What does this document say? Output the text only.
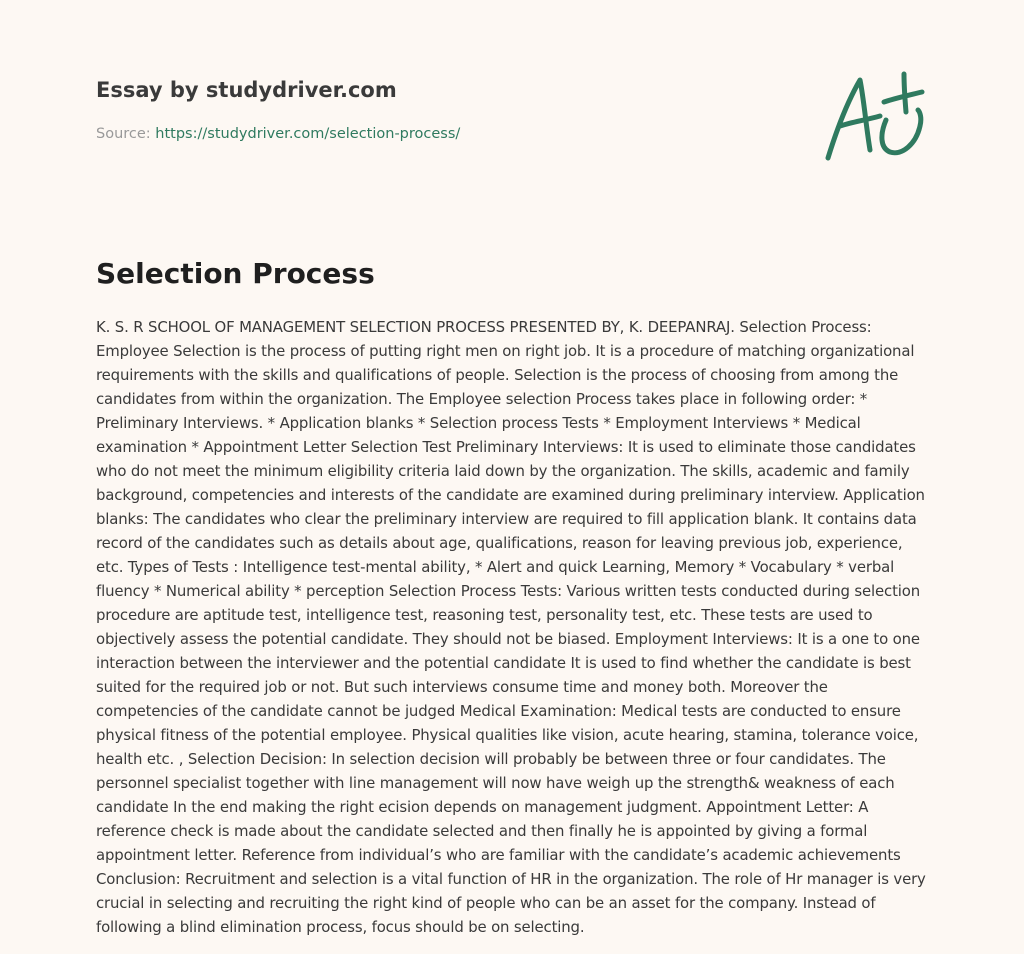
Essay by studydriver.com

Source: https://studydriver.com/selection-process/
Selection Process

K. S. R SCHOOL OF MANAGEMENT SELECTION PROCESS PRESENTED BY, K. DEEPANRAJ. Selection Process: Employee Selection is the process of putting right men on right job. It is a procedure of matching organizational requirements with the skills and qualifications of people. Selection is the process of choosing from among the candidates from within the organization. The Employee selection Process takes place in following order: * Preliminary Interviews. * Application blanks * Selection process Tests * Employment Interviews * Medical examination * Appointment Letter Selection Test Preliminary Interviews: It is used to eliminate those candidates who do not meet the minimum eligibility criteria laid down by the organization. The skills, academic and family background, competencies and interests of the candidate are examined during preliminary interview. Application blanks: The candidates who clear the preliminary interview are required to fill application blank. It contains data record of the candidates such as details about age, qualifications, reason for leaving previous job, experience, etc. Types of Tests : Intelligence test-mental ability, * Alert and quick Learning, Memory * Vocabulary * verbal fluency * Numerical ability * perception Selection Process Tests: Various written tests conducted during selection procedure are aptitude test, intelligence test, reasoning test, personality test, etc. These tests are used to objectively assess the potential candidate. They should not be biased. Employment Interviews: It is a one to one interaction between the interviewer and the potential candidate It is used to find whether the candidate is best suited for the required job or not. But such interviews consume time and money both. Moreover the competencies of the candidate cannot be judged Medical Examination: Medical tests are conducted to ensure physical fitness of the potential employee. Physical qualities like vision, acute hearing, stamina, tolerance voice, health etc. , Selection Decision: In selection decision will probably be between three or four candidates. The personnel specialist together with line management will now have weigh up the strength& weakness of each candidate In the end making the right ecision depends on management judgment. Appointment Letter: A reference check is made about the candidate selected and then finally he is appointed by giving a formal appointment letter. Reference from individual’s who are familiar with the candidate’s academic achievements Conclusion: Recruitment and selection is a vital function of HR in the organization. The role of Hr manager is very crucial in selecting and recruiting the right kind of people who can be an asset for the company. Instead of following a blind elimination process, focus should be on selecting.
